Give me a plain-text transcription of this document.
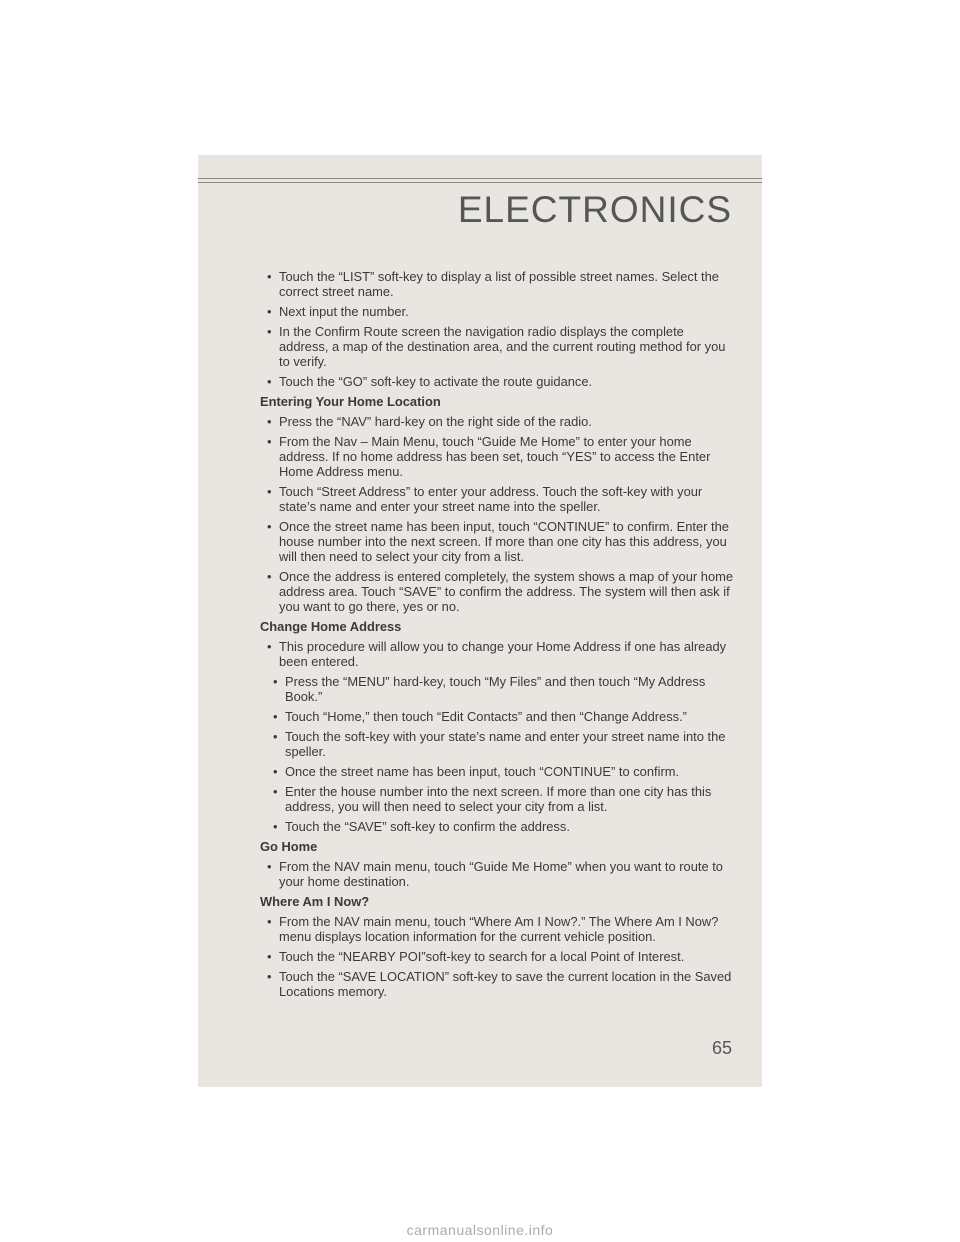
ELECTRONICS
• Touch the “LIST” soft-key to display a list of possible street names. Select the correct street name.
• Next input the number.
• In the Confirm Route screen the navigation radio displays the complete address, a map of the destination area, and the current routing method for you to verify.
• Touch the “GO” soft-key to activate the route guidance.
Entering Your Home Location
• Press the “NAV” hard-key on the right side of the radio.
• From the Nav – Main Menu, touch “Guide Me Home” to enter your home address. If no home address has been set, touch “YES” to access the Enter Home Address menu.
• Touch “Street Address” to enter your address. Touch the soft-key with your state’s name and enter your street name into the speller.
• Once the street name has been input, touch “CONTINUE” to confirm. Enter the house number into the next screen. If more than one city has this address, you will then need to select your city from a list.
• Once the address is entered completely, the system shows a map of your home address area. Touch “SAVE” to confirm the address. The system will then ask if you want to go there, yes or no.
Change Home Address
• This procedure will allow you to change your Home Address if one has already been entered.
• Press the “MENU” hard-key, touch “My Files” and then touch “My Address Book.”
• Touch “Home,” then touch “Edit Contacts” and then “Change Address.”
• Touch the soft-key with your state’s name and enter your street name into the speller.
• Once the street name has been input, touch “CONTINUE” to confirm.
• Enter the house number into the next screen. If more than one city has this address, you will then need to select your city from a list.
• Touch the “SAVE” soft-key to confirm the address.
Go Home
• From the NAV main menu, touch “Guide Me Home” when you want to route to your home destination.
Where Am I Now?
• From the NAV main menu, touch “Where Am I Now?.” The Where Am I Now? menu displays location information for the current vehicle position.
• Touch the “NEARBY POI”soft-key to search for a local Point of Interest.
• Touch the “SAVE LOCATION” soft-key to save the current location in the Saved Locations memory.
65
carmanualsonline.info
